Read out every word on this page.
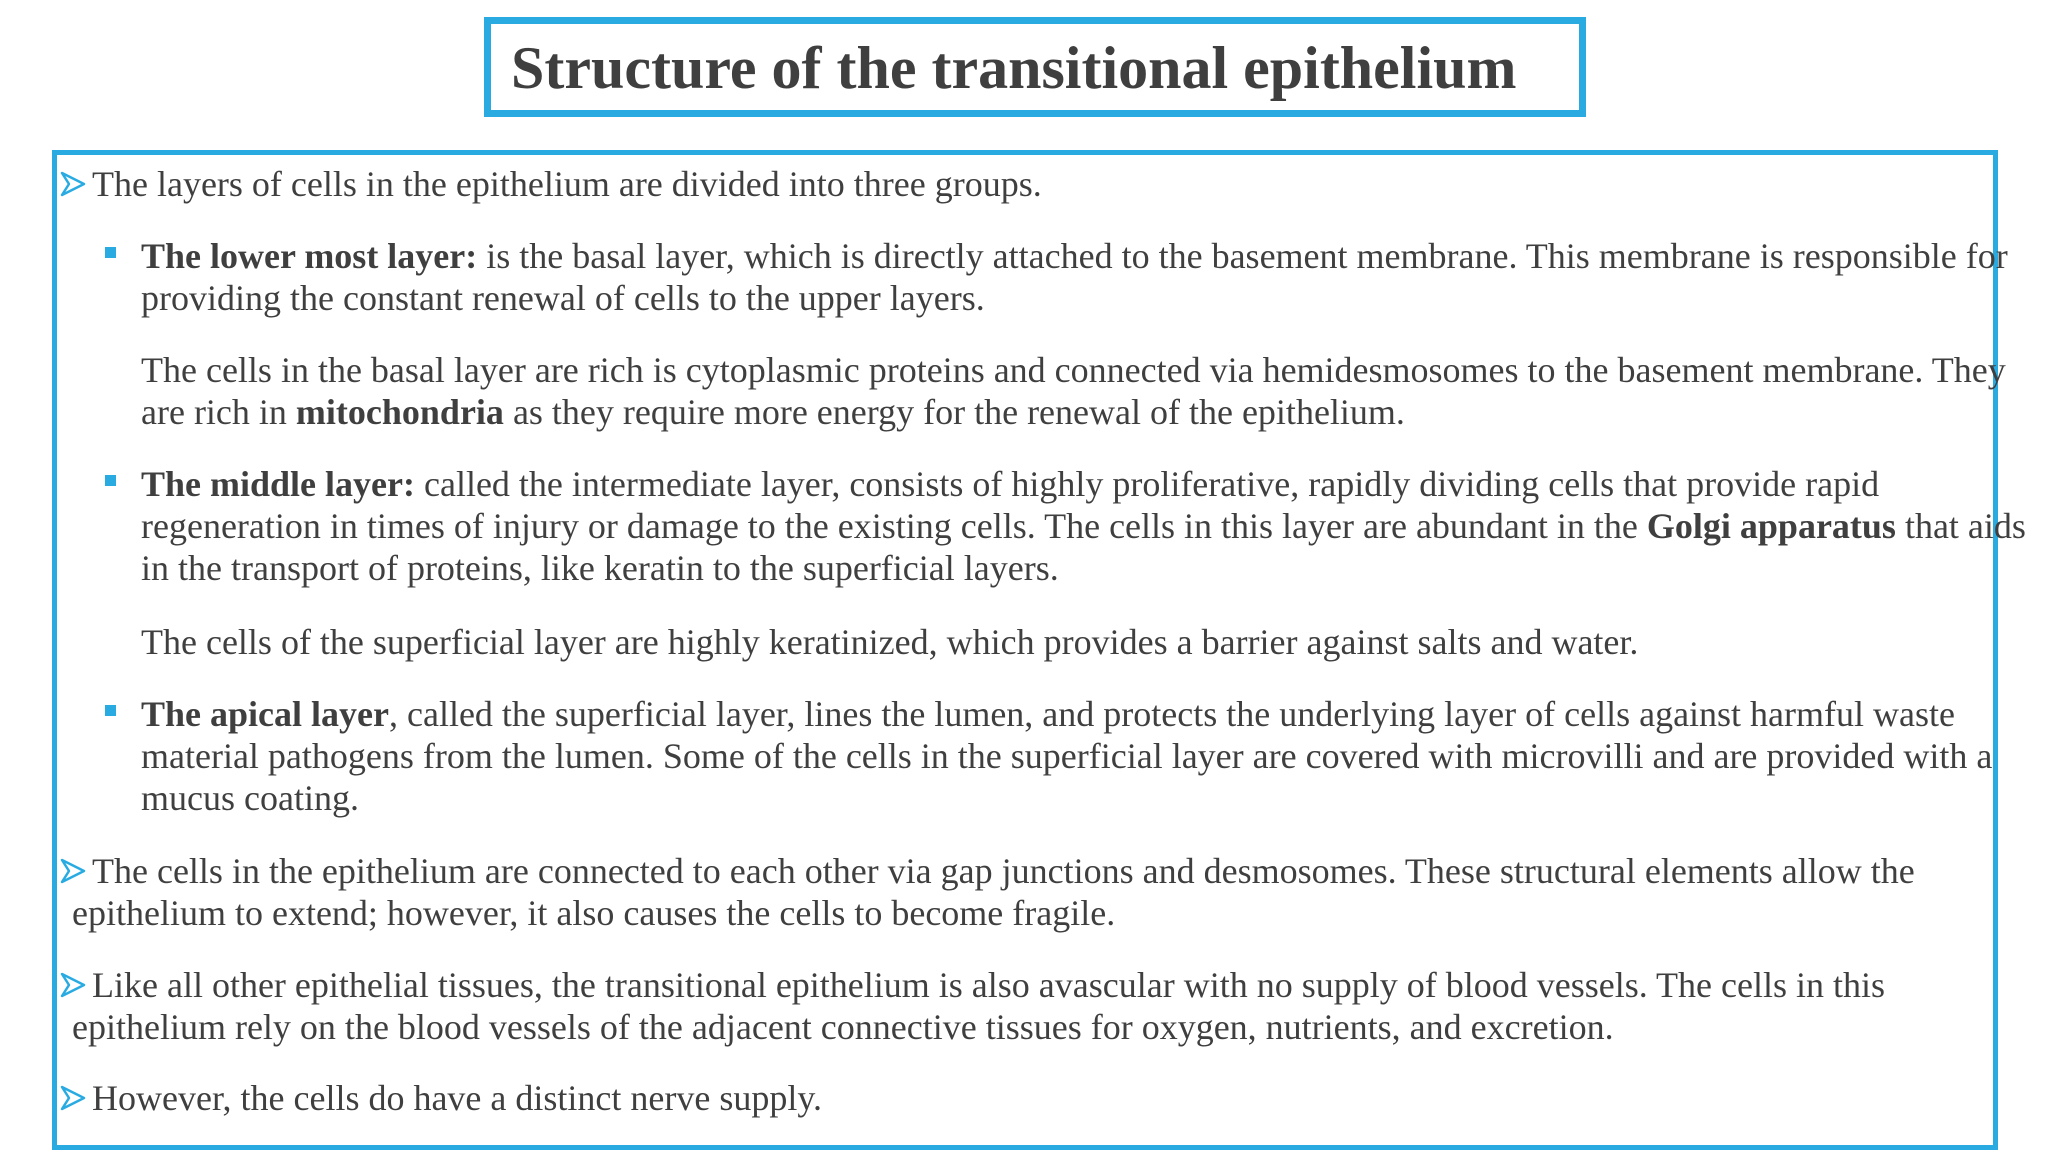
Structure of the transitional epithelium
The layers of cells in the epithelium are divided into three groups.
The lower most layer: is the basal layer, which is directly attached to the basement membrane. This membrane is responsible for providing the constant renewal of cells to the upper layers.
The cells in the basal layer are rich is cytoplasmic proteins and connected via hemidesmosomes to the basement membrane. They are rich in mitochondria as they require more energy for the renewal of the epithelium.
The middle layer: called the intermediate layer, consists of highly proliferative, rapidly dividing cells that provide rapid regeneration in times of injury or damage to the existing cells. The cells in this layer are abundant in the Golgi apparatus that aids in the transport of proteins, like keratin to the superficial layers.
The cells of the superficial layer are highly keratinized, which provides a barrier against salts and water.
The apical layer, called the superficial layer, lines the lumen, and protects the underlying layer of cells against harmful waste material pathogens from the lumen. Some of the cells in the superficial layer are covered with microvilli and are provided with a mucus coating.
The cells in the epithelium are connected to each other via gap junctions and desmosomes. These structural elements allow the epithelium to extend; however, it also causes the cells to become fragile.
Like all other epithelial tissues, the transitional epithelium is also avascular with no supply of blood vessels. The cells in this epithelium rely on the blood vessels of the adjacent connective tissues for oxygen, nutrients, and excretion.
However, the cells do have a distinct nerve supply.
